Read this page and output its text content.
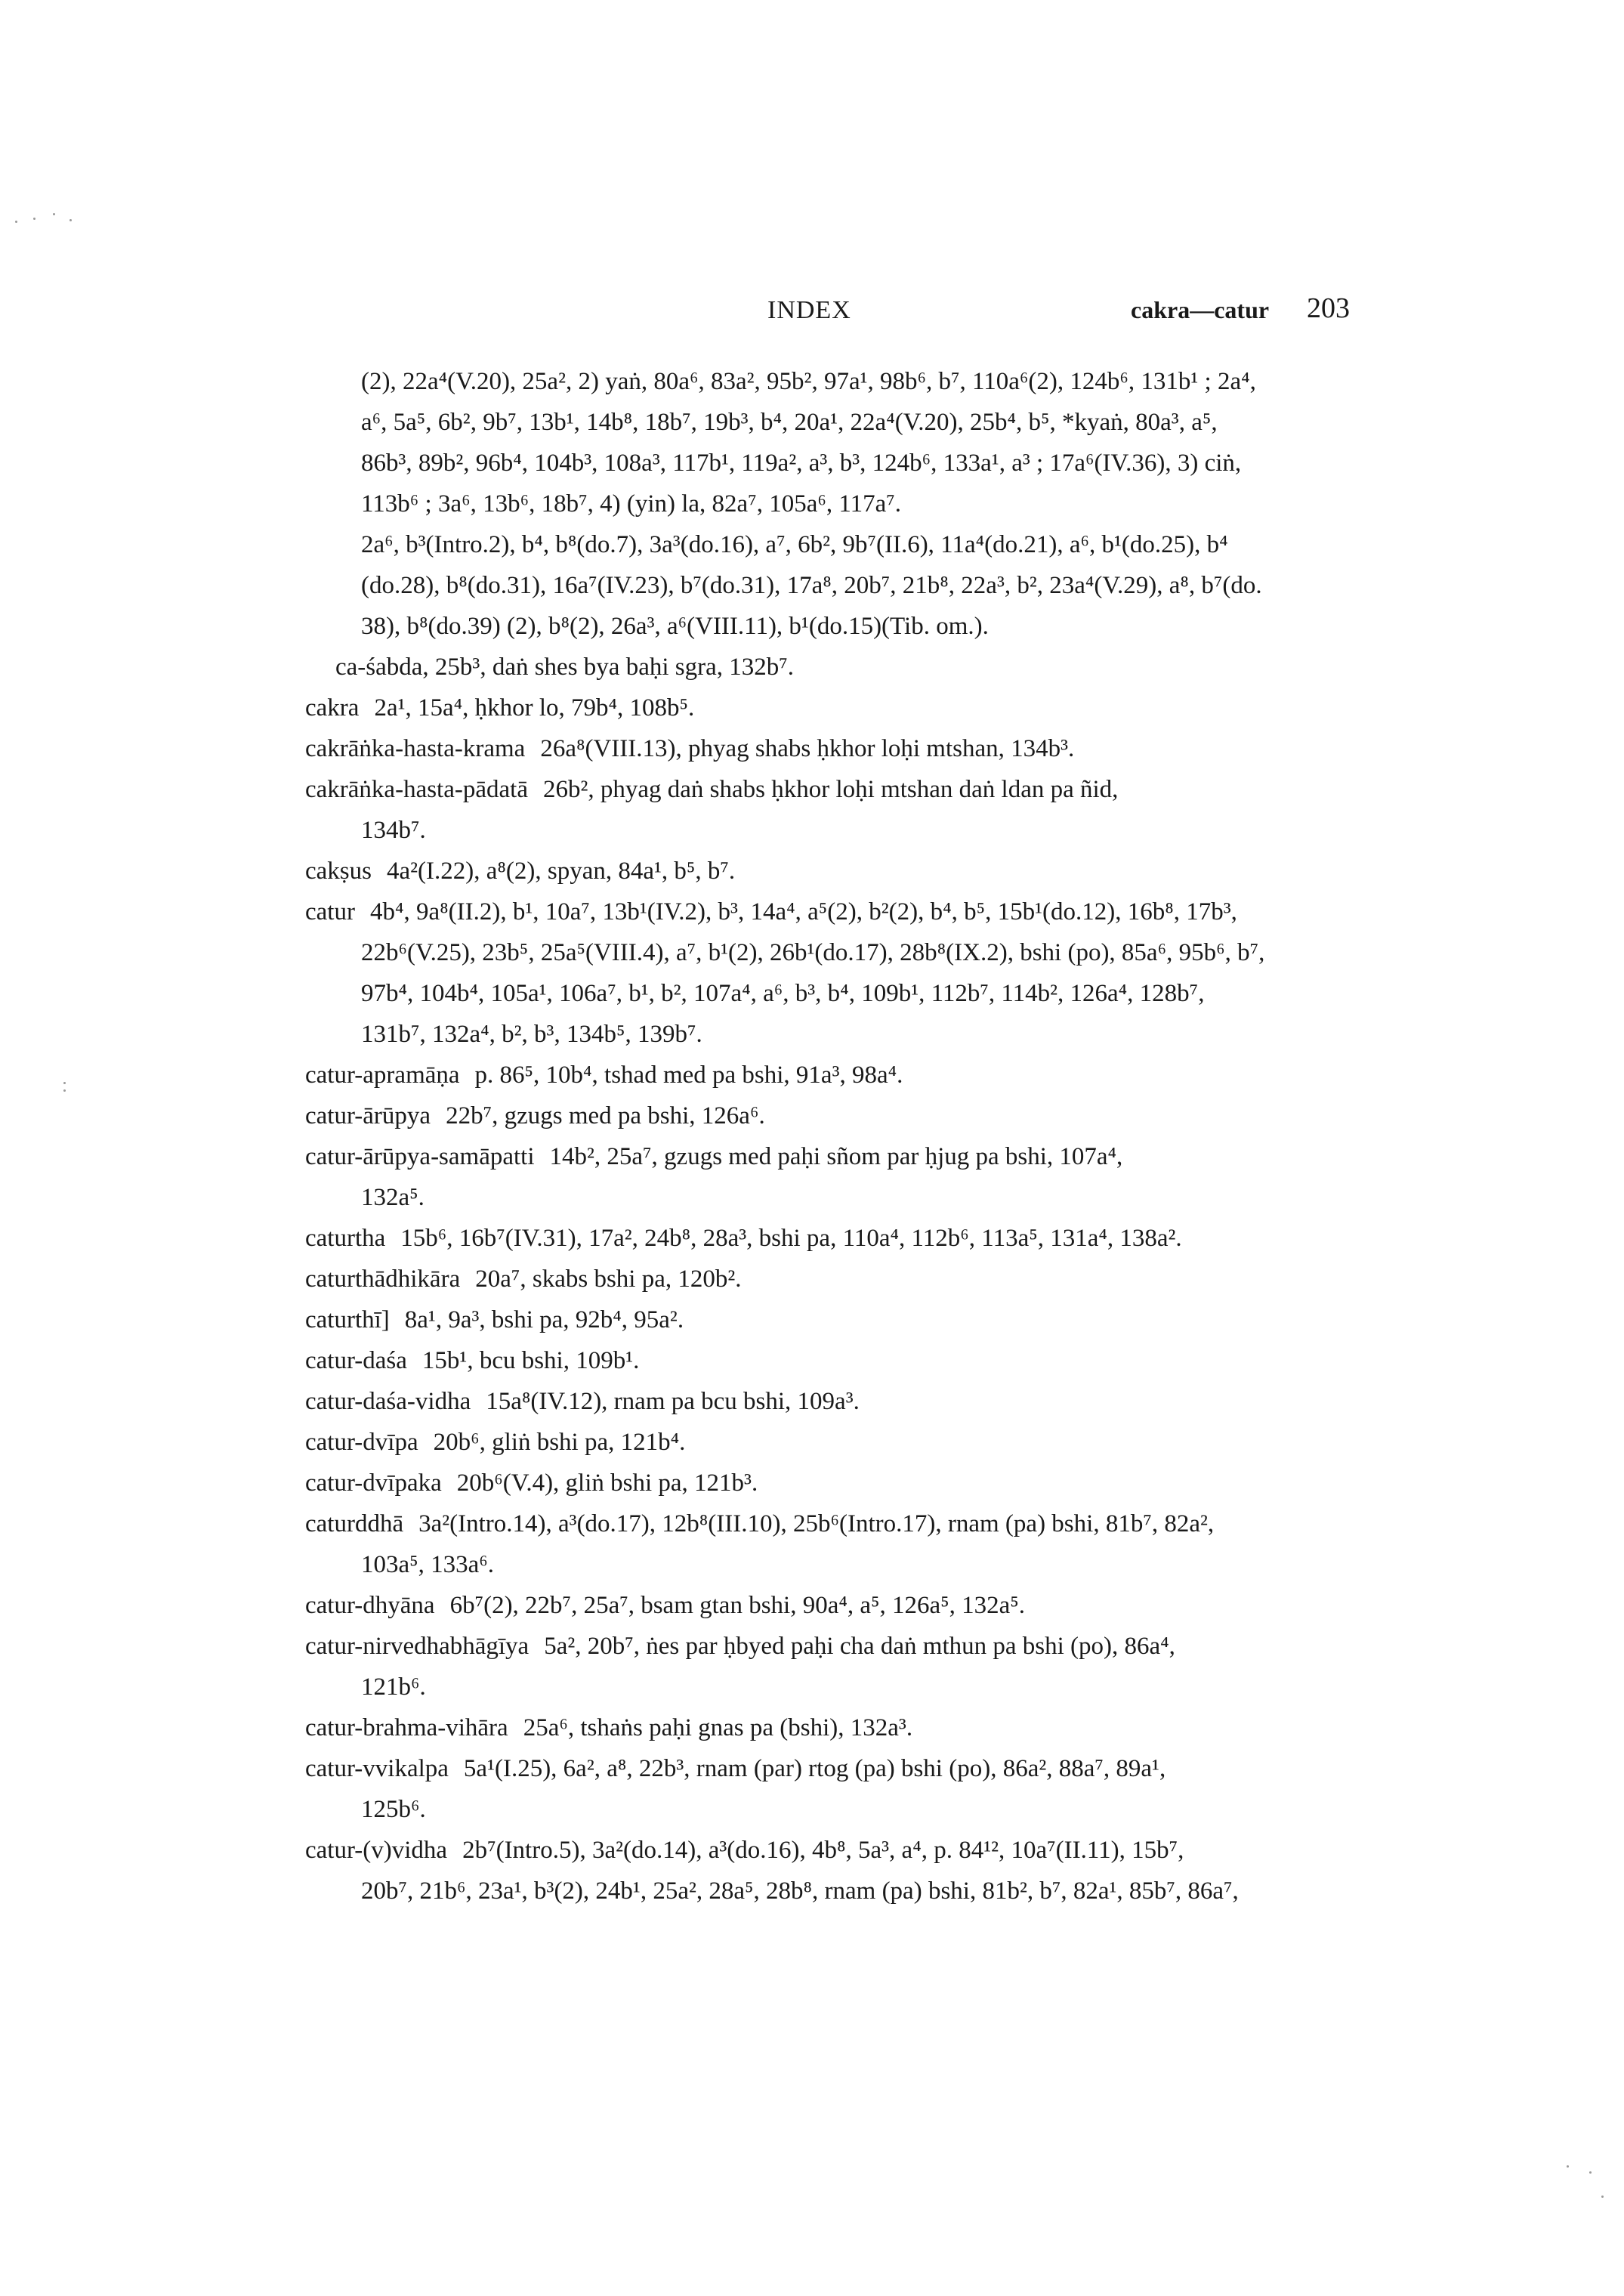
INDEX	cakra—catur 203
(2), 22a⁴(V.20), 25a², 2) yaṅ, 80a⁶, 83a², 95b², 97a¹, 98b⁶, b⁷, 110a⁶(2), 124b⁶, 131b¹ ; 2a⁴,
a⁶, 5a⁵, 6b², 9b⁷, 13b¹, 14b⁸, 18b⁷, 19b³, b⁴, 20a¹, 22a⁴(V.20), 25b⁴, b⁵, *kyaṅ, 80a³, a⁵,
86b³, 89b², 96b⁴, 104b³, 108a³, 117b¹, 119a², a³, b³, 124b⁶, 133a¹, a³ ; 17a⁶(IV.36), 3) ciṅ,
113b⁶ ; 3a⁶, 13b⁶, 18b⁷, 4) (yin) la, 82a⁷, 105a⁶, 117a⁷.
2a⁶, b³(Intro.2), b⁴, b⁸(do.7), 3a³(do.16), a⁷, 6b², 9b⁷(II.6), 11a⁴(do.21), a⁶, b¹(do.25), b⁴
(do.28), b⁸(do.31), 16a⁷(IV.23), b⁷(do.31), 17a⁸, 20b⁷, 21b⁸, 22a³, b², 23a⁴(V.29), a⁸, b⁷(do.
38), b⁸(do.39) (2), b⁸(2), 26a³, a⁶(VIII.11), b¹(do.15)(Tib. om.).
ca-śabda, 25b³, daṅ shes bya baḥi sgra, 132b⁷.
cakra 2a¹, 15a⁴, ḥkhor lo, 79b⁴, 108b⁵.
cakrāṅka-hasta-krama 26a⁸(VIII.13), phyag shabs ḥkhor loḥi mtshan, 134b³.
cakrāṅka-hasta-pādatā 26b², phyag daṅ shabs ḥkhor loḥi mtshan daṅ ldan pa ñid,
134b⁷.
cakṣus 4a²(I.22), a⁸(2), spyan, 84a¹, b⁵, b⁷.
catur 4b⁴, 9a⁸(II.2), b¹, 10a⁷, 13b¹(IV.2), b³, 14a⁴, a⁵(2), b²(2), b⁴, b⁵, 15b¹(do.12), 16b⁸, 17b³,
22b⁶(V.25), 23b⁵, 25a⁵(VIII.4), a⁷, b¹(2), 26b¹(do.17), 28b⁸(IX.2), bshi (po), 85a⁶, 95b⁶, b⁷,
97b⁴, 104b⁴, 105a¹, 106a⁷, b¹, b², 107a⁴, a⁶, b³, b⁴, 109b¹, 112b⁷, 114b², 126a⁴, 128b⁷,
131b⁷, 132a⁴, b², b³, 134b⁵, 139b⁷.
catur-apramāṇa p. 86⁵, 10b⁴, tshad med pa bshi, 91a³, 98a⁴.
catur-ārūpya 22b⁷, gzugs med pa bshi, 126a⁶.
catur-ārūpya-samāpatti 14b², 25a⁷, gzugs med paḥi sñom par ḥjug pa bshi, 107a⁴,
132a⁵.
caturtha 15b⁶, 16b⁷(IV.31), 17a², 24b⁸, 28a³, bshi pa, 110a⁴, 112b⁶, 113a⁵, 131a⁴, 138a².
caturthādhikāra 20a⁷, skabs bshi pa, 120b².
caturthī] 8a¹, 9a³, bshi pa, 92b⁴, 95a².
catur-daśa 15b¹, bcu bshi, 109b¹.
catur-daśa-vidha 15a⁸(IV.12), rnam pa bcu bshi, 109a³.
catur-dvīpa 20b⁶, gliṅ bshi pa, 121b⁴.
catur-dvīpaka 20b⁶(V.4), gliṅ bshi pa, 121b³.
caturddhā 3a²(Intro.14), a³(do.17), 12b⁸(III.10), 25b⁶(Intro.17), rnam (pa) bshi, 81b⁷, 82a²,
103a⁵, 133a⁶.
catur-dhyāna 6b⁷(2), 22b⁷, 25a⁷, bsam gtan bshi, 90a⁴, a⁵, 126a⁵, 132a⁵.
catur-nirvedhabhāgīya 5a², 20b⁷, ṅes par ḥbyed paḥi cha daṅ mthun pa bshi (po), 86a⁴,
121b⁶.
catur-brahma-vihāra 25a⁶, tshaṅs paḥi gnas pa (bshi), 132a³.
catur-vvikalpa 5a¹(I.25), 6a², a⁸, 22b³, rnam (par) rtog (pa) bshi (po), 86a², 88a⁷, 89a¹,
125b⁶.
catur-(v)vidha 2b⁷(Intro.5), 3a²(do.14), a³(do.16), 4b⁸, 5a³, a⁴, p. 84¹², 10a⁷(II.11), 15b⁷,
20b⁷, 21b⁶, 23a¹, b³(2), 24b¹, 25a², 28a⁵, 28b⁸, rnam (pa) bshi, 81b², b⁷, 82a¹, 85b⁷, 86a⁷,
